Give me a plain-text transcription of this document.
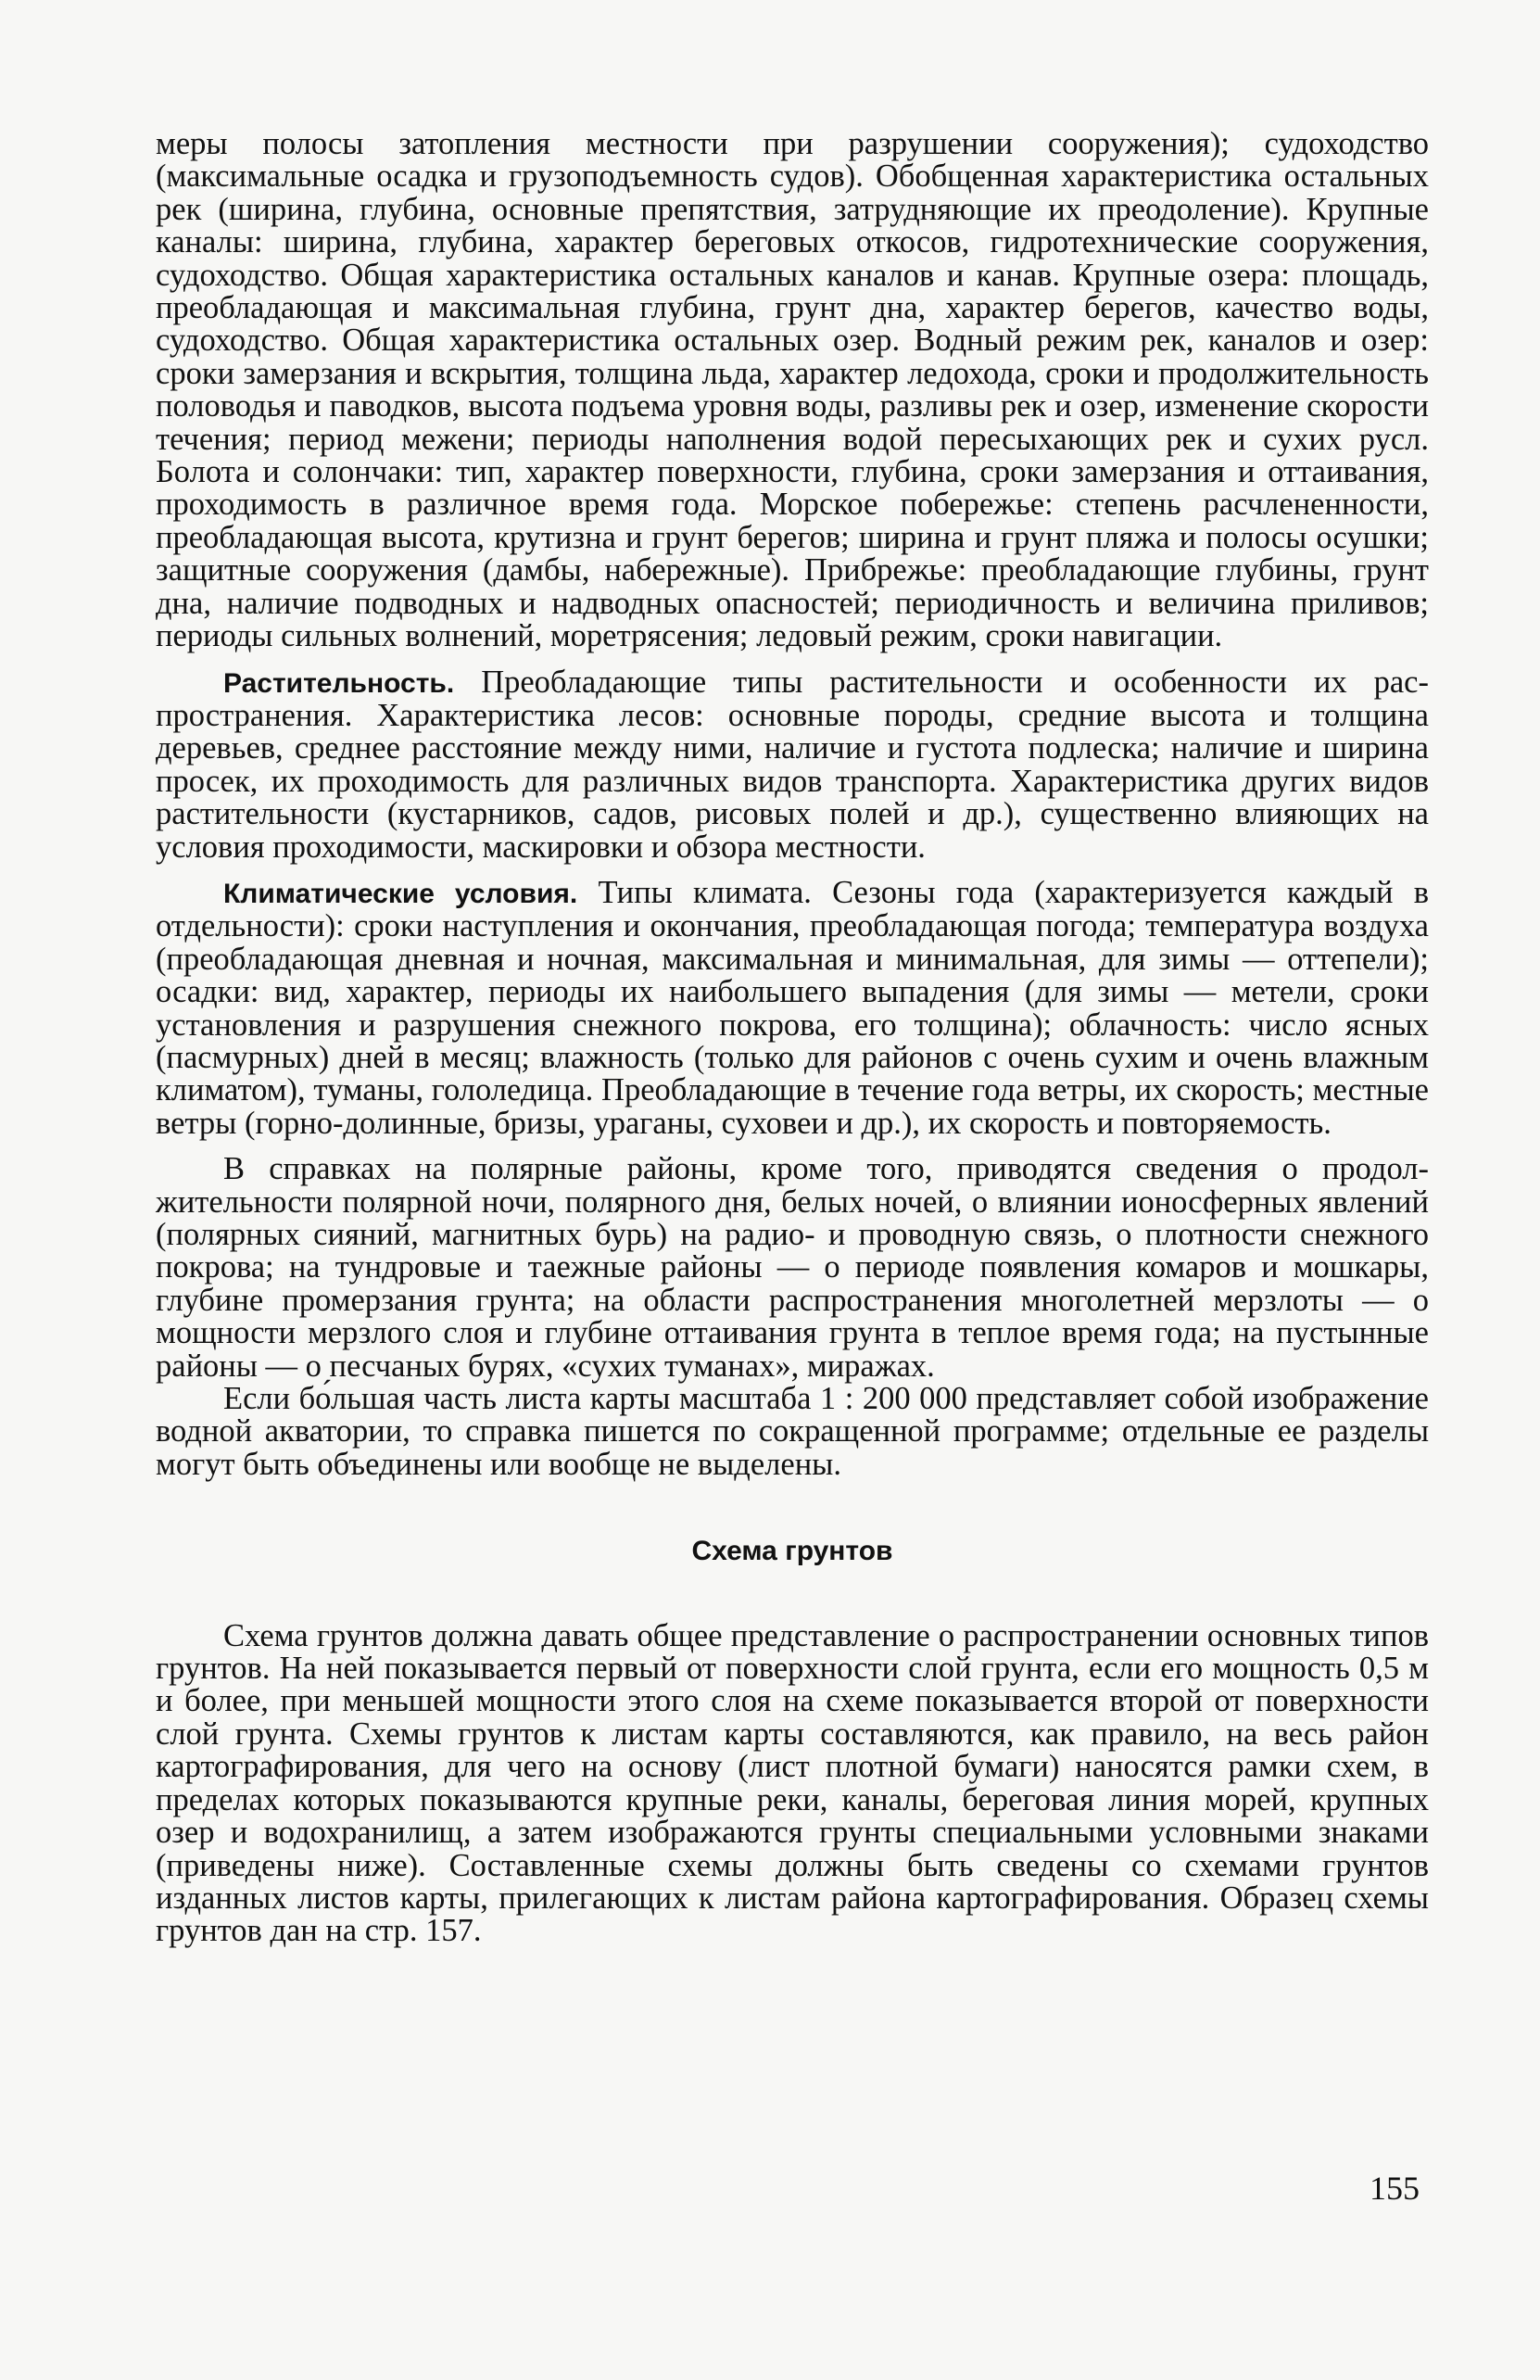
меры полосы затопления местности при разрушении сооружения); судоходство (максимальные осадка и грузоподъемность судов). Обобщенная характеристика остальных рек (ширина, глубина, основные препятствия, затрудняющие их преодоление). Крупные каналы: ширина, глубина, характер береговых откосов, гидротехнические сооружения, судоходство. Общая характеристика остальных каналов и канав. Крупные озера: площадь, преобладающая и максимальная глубина, грунт дна, характер берегов, качество воды, судоходство. Общая характеристика остальных озер. Водный режим рек, каналов и озер: сроки замерзания и вскрытия, толщина льда, характер ледохода, сроки и продолжительность половодья и паводков, высота подъема уровня воды, разливы рек и озер, изменение скорости течения; период межени; периоды наполнения водой пересыхающих рек и сухих русл. Болота и солончаки: тип, характер поверхности, глубина, сроки замерзания и оттаивания, проходимость в различное время года. Морское побережье: степень расчлененности, преобладающая высота, крутизна и грунт берегов; ширина и грунт пляжа и полосы осушки; защитные сооружения (дамбы, набережные). Прибрежье: преобладающие глубины, грунт дна, наличие подводных и надводных опасностей; периодичность и величина приливов; периоды сильных волнений, моретрясения; ледовый режим, сроки навигации.

Растительность. Преобладающие типы растительности и особенности их распространения. Характеристика лесов: основные породы, средние высота и толщина деревьев, среднее расстояние между ними, наличие и густота подлеска; наличие и ширина просек, их проходимость для различных видов транспорта. Характеристика других видов растительности (кустарников, садов, рисовых полей и др.), существенно влияющих на условия проходимости, маскировки и обзора местности.

Климатические условия. Типы климата. Сезоны года (характеризуется каждый в отдельности): сроки наступления и окончания, преобладающая погода; температура воздуха (преобладающая дневная и ночная, максимальная и минимальная, для зимы — оттепели); осадки: вид, характер, периоды их наибольшего выпадения (для зимы — метели, сроки установления и разрушения снежного покрова, его толщина); облачность: число ясных (пасмурных) дней в месяц; влажность (только для районов с очень сухим и очень влажным климатом), туманы, гололедица. Преобладающие в течение года ветры, их скорость; местные ветры (горно-долинные, бризы, ураганы, суховеи и др.), их скорость и повторяемость.

В справках на полярные районы, кроме того, приводятся сведения о продолжительности полярной ночи, полярного дня, белых ночей, о влиянии ионосферных явлений (полярных сияний, магнитных бурь) на радио- и проводную связь, о плотности снежного покрова; на тундровые и таежные районы — о периоде появления комаров и мошкары, глубине промерзания грунта; на области распространения многолетней мерзлоты — о мощности мерзлого слоя и глубине оттаивания грунта в теплое время года; на пустынные районы — о песчаных бурях, «сухих туманах», миражах.

Если бо́льшая часть листа карты масштаба 1 : 200 000 представляет собой изображение водной акватории, то справка пишется по сокращенной программе; отдельные ее разделы могут быть объединены или вообще не выделены.

Схема грунтов

Схема грунтов должна давать общее представление о распространении основных типов грунтов. На ней показывается первый от поверхности слой грунта, если его мощность 0,5 м и более, при меньшей мощности этого слоя на схеме показывается второй от поверхности слой грунта. Схемы грунтов к листам карты составляются, как правило, на весь район картографирования, для чего на основу (лист плотной бумаги) наносятся рамки схем, в пределах которых показываются крупные реки, каналы, береговая линия морей, крупных озер и водохранилищ, а затем изображаются грунты специальными условными знаками (приведены ниже). Составленные схемы должны быть сведены со схемами грунтов изданных листов карты, прилегающих к листам района картографирования. Образец схемы грунтов дан на стр. 157.

155
